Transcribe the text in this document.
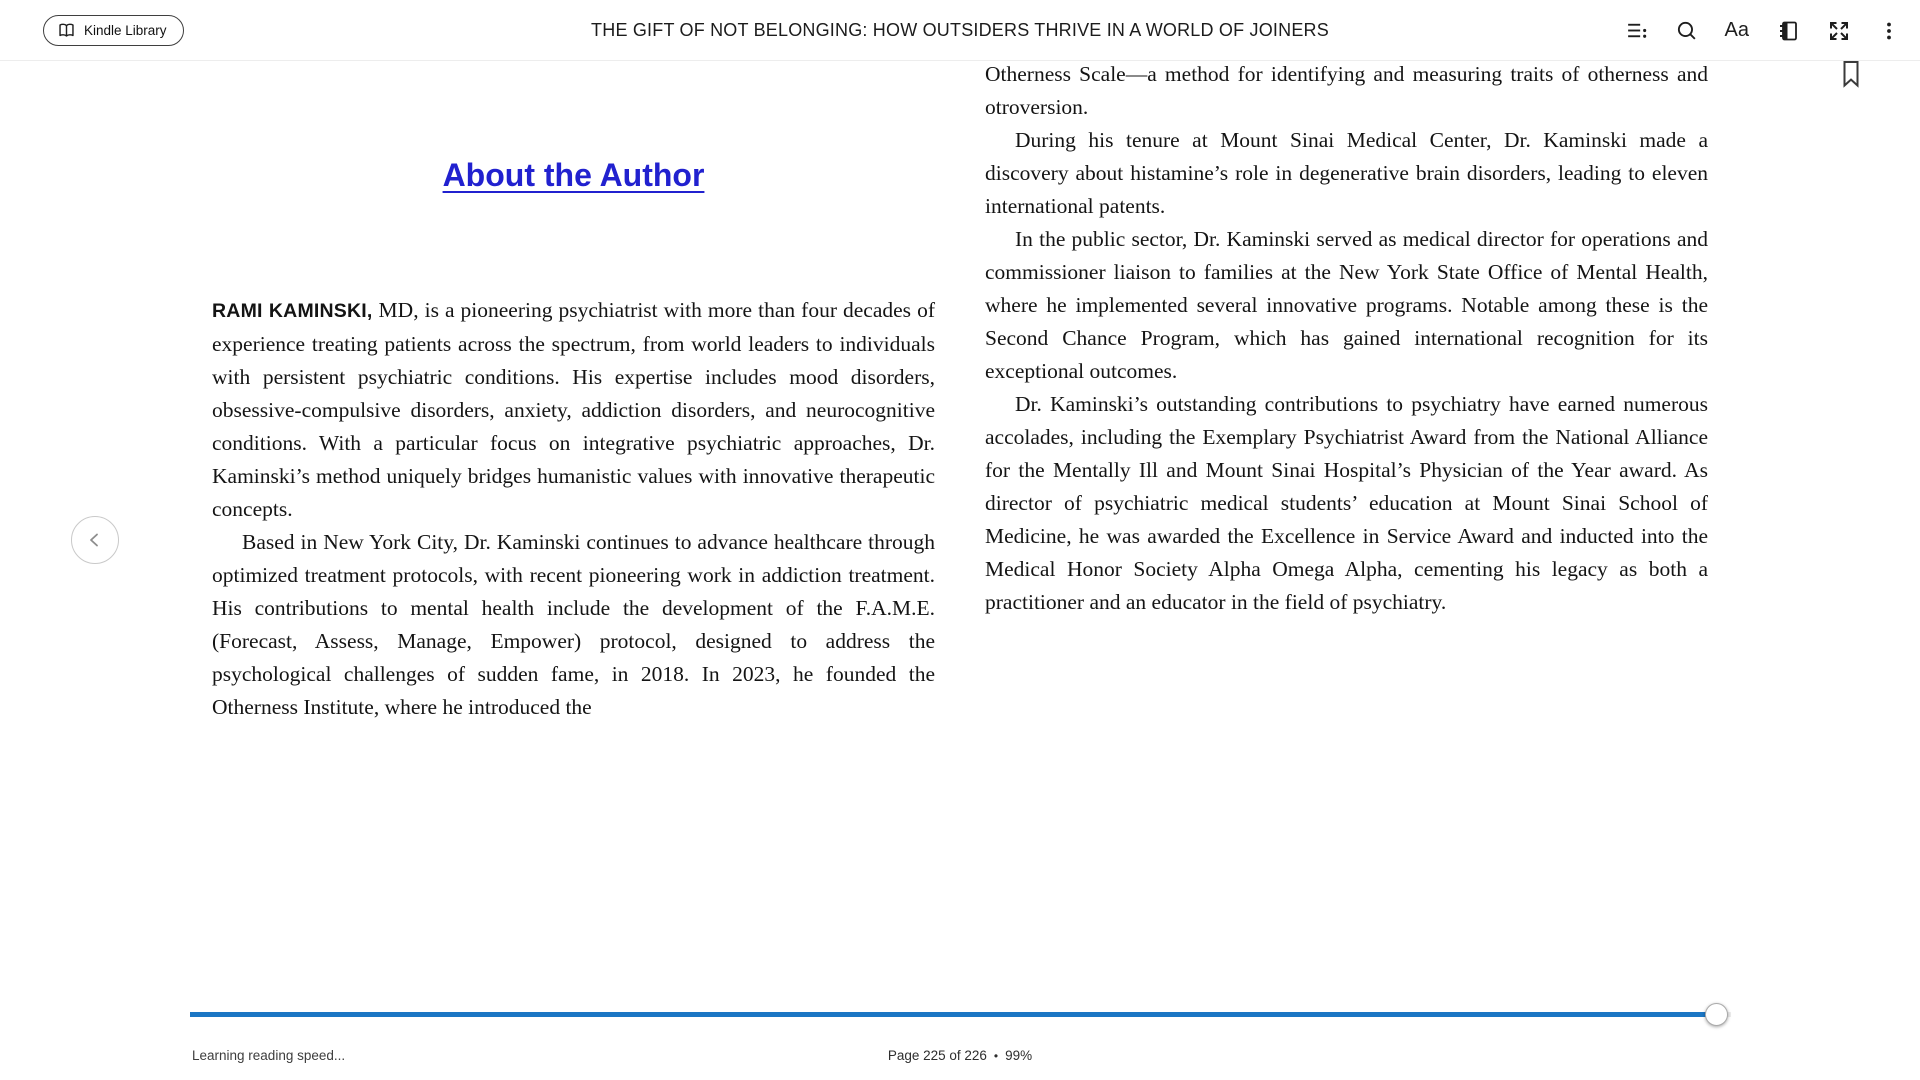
Kindle Library	THE GIFT OF NOT BELONGING: HOW OUTSIDERS THRIVE IN A WORLD OF JOINERS	Aa
About the Author

RAMI KAMINSKI, MD, is a pioneering psychiatrist with more than four decades of experience treating patients across the spectrum, from world leaders to individuals with persistent psychiatric conditions. His expertise includes mood disorders, obsessive-compulsive disorders, anxiety, addiction disorders, and neurocognitive conditions. With a particular focus on integrative psychiatric approaches, Dr. Kaminski’s method uniquely bridges humanistic values with innovative therapeutic concepts.

Based in New York City, Dr. Kaminski continues to advance healthcare through optimized treatment protocols, with recent pioneering work in addiction treatment. His contributions to mental health include the development of the F.A.M.E. (Forecast, Assess, Manage, Empower) protocol, designed to address the psychological challenges of sudden fame, in 2018. In 2023, he founded the Otherness Institute, where he introduced the

Otherness Scale—a method for identifying and measuring traits of otherness and otroversion.

During his tenure at Mount Sinai Medical Center, Dr. Kaminski made a discovery about histamine’s role in degenerative brain disorders, leading to eleven international patents.

In the public sector, Dr. Kaminski served as medical director for operations and commissioner liaison to families at the New York State Office of Mental Health, where he implemented several innovative programs. Notable among these is the Second Chance Program, which has gained international recognition for its exceptional outcomes.

Dr. Kaminski’s outstanding contributions to psychiatry have earned numerous accolades, including the Exemplary Psychiatrist Award from the National Alliance for the Mentally Ill and Mount Sinai Hospital’s Physician of the Year award. As director of psychiatric medical students’ education at Mount Sinai School of Medicine, he was awarded the Excellence in Service Award and inducted into the Medical Honor Society Alpha Omega Alpha, cementing his legacy as both a practitioner and an educator in the field of psychiatry.

Learning reading speed...	Page 225 of 226 • 99%
